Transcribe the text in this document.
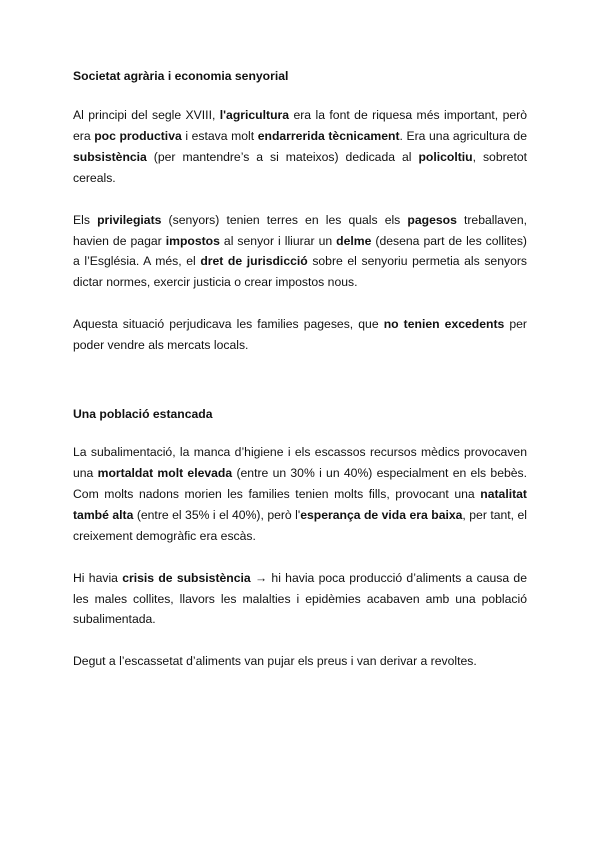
Societat agrària i economia senyorial

Al principi del segle XVIII, l'agricultura era la font de riquesa més important, però era poc productiva i estava molt endarrerida tècnicament. Era una agricultura de subsistència (per mantendre’s a si mateixos) dedicada al policoltiu, sobretot cereals.

Els privilegiats (senyors) tenien terres en les quals els pagesos treballaven, havien de pagar impostos al senyor i lliurar un delme (desena part de les collites) a l’Església. A més, el dret de jurisdicció sobre el senyoriu permetia als senyors dictar normes, exercir justicia o crear impostos nous.

Aquesta situació perjudicava les families pageses, que no tenien excedents per poder vendre als mercats locals.

Una població estancada

La subalimentació, la manca d’higiene i els escassos recursos mèdics provocaven una mortaldat molt elevada (entre un 30% i un 40%) especialment en els bebès. Com molts nadons morien les families tenien molts fills, provocant una natalitat també alta (entre el 35% i el 40%), però l'esperança de vida era baixa, per tant, el creixement demogràfic era escàs.

Hi havia crisis de subsistència → hi havia poca producció d’aliments a causa de les males collites, llavors les malalties i epidèmies acabaven amb una població subalimentada.

Degut a l’escassetat d’aliments van pujar els preus i van derivar a revoltes.
